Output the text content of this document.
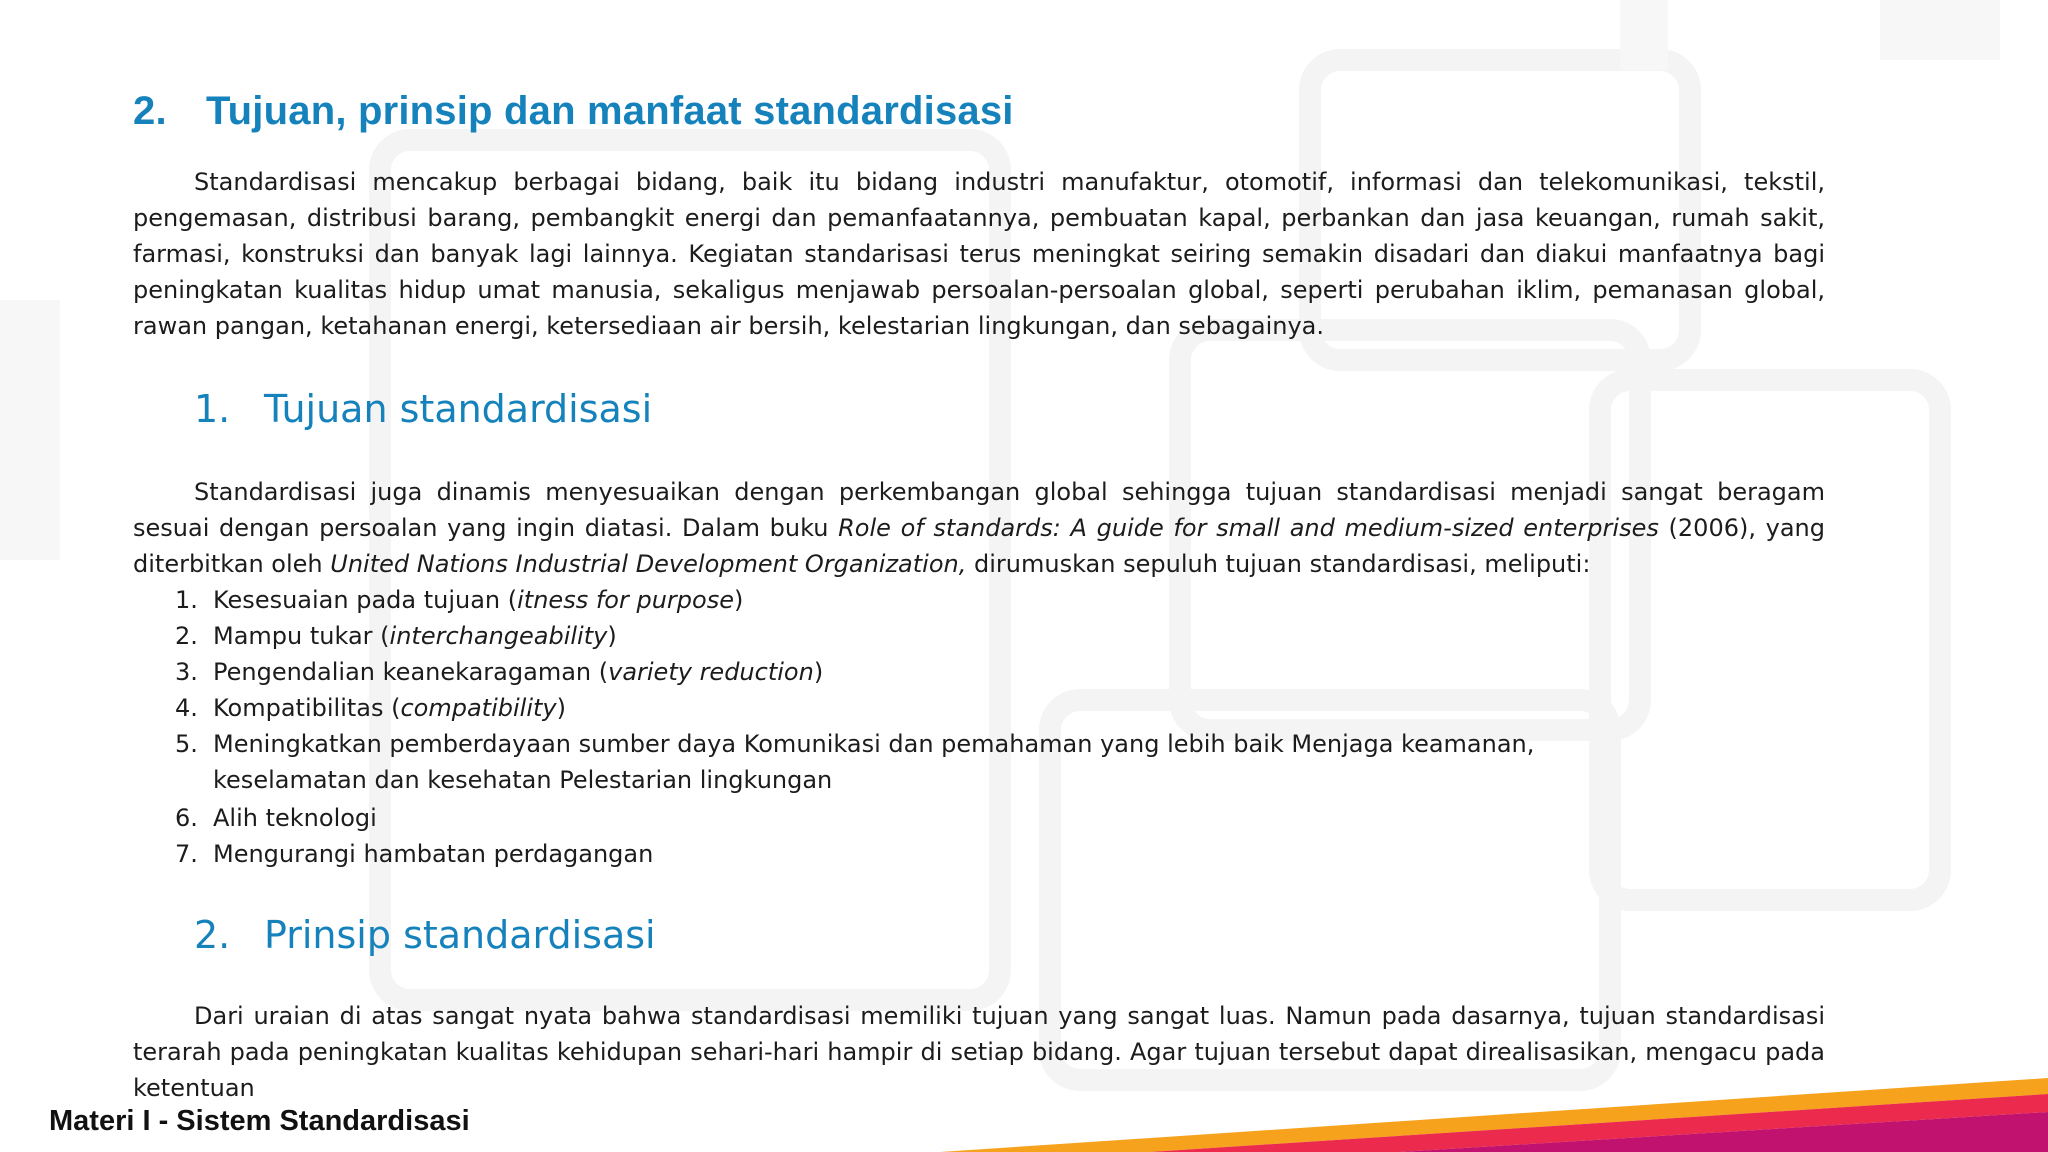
2. Tujuan, prinsip dan manfaat standardisasi

Standardisasi mencakup berbagai bidang, baik itu bidang industri manufaktur, otomotif, informasi dan telekomunikasi, tekstil, pengemasan, distribusi barang, pembangkit energi dan pemanfaatannya, pembuatan kapal, perbankan dan jasa keuangan, rumah sakit, farmasi, konstruksi dan banyak lagi lainnya. Kegiatan standarisasi terus meningkat seiring semakin disadari dan diakui manfaatnya bagi peningkatan kualitas hidup umat manusia, sekaligus menjawab persoalan-persoalan global, seperti perubahan iklim, pemanasan global, rawan pangan, ketahanan energi, ketersediaan air bersih, kelestarian lingkungan, dan sebagainya.

1. Tujuan standardisasi

Standardisasi juga dinamis menyesuaikan dengan perkembangan global sehingga tujuan standardisasi menjadi sangat beragam sesuai dengan persoalan yang ingin diatasi. Dalam buku Role of standards: A guide for small and medium-sized enterprises (2006), yang diterbitkan oleh United Nations Industrial Development Organization, dirumuskan sepuluh tujuan standardisasi, meliputi:

1. Kesesuaian pada tujuan (itness for purpose)
2. Mampu tukar (interchangeability)
3. Pengendalian keanekaragaman (variety reduction)
4. Kompatibilitas (compatibility)
5. Meningkatkan pemberdayaan sumber daya Komunikasi dan pemahaman yang lebih baik Menjaga keamanan, keselamatan dan kesehatan Pelestarian lingkungan
6. Alih teknologi
7. Mengurangi hambatan perdagangan
2. Prinsip standardisasi

Dari uraian di atas sangat nyata bahwa standardisasi memiliki tujuan yang sangat luas. Namun pada dasarnya, tujuan standardisasi terarah pada peningkatan kualitas kehidupan sehari-hari hampir di setiap bidang. Agar tujuan tersebut dapat direalisasikan, mengacu pada ketentuan

Materi I - Sistem Standardisasi
